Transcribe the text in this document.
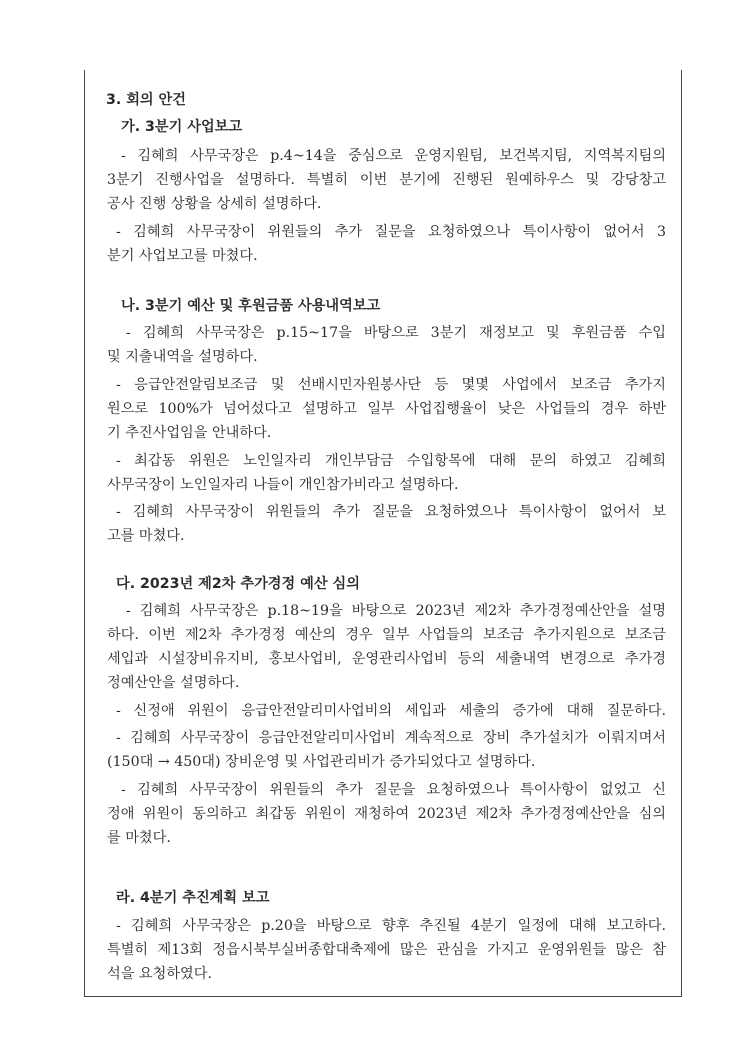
3. 회의 안건
가. 3분기 사업보고
- 김혜희 사무국장은 p.4~14을 중심으로 운영지원팀, 보건복지팀, 지역복지팀의
3분기 진행사업을 설명하다. 특별히 이번 분기에 진행된 원예하우스 및 강당창고
공사 진행 상황을 상세히 설명하다.
- 김혜희 사무국장이 위원들의 추가 질문을 요청하였으나 특이사항이 없어서 3
분기 사업보고를 마쳤다.
나. 3분기 예산 및 후원금품 사용내역보고
- 김혜희 사무국장은 p.15~17을 바탕으로 3분기 재정보고 및 후원금품 수입
및 지출내역을 설명하다.
- 응급안전알림보조금 및 선배시민자원봉사단 등 몇몇 사업에서 보조금 추가지
원으로 100%가 넘어섰다고 설명하고 일부 사업집행율이 낮은 사업들의 경우 하반
기 추진사업임을 안내하다.
- 최갑동 위원은 노인일자리 개인부담금 수입항목에 대해 문의 하였고 김혜희
사무국장이 노인일자리 나들이 개인참가비라고 설명하다.
- 김혜희 사무국장이 위원들의 추가 질문을 요청하였으나 특이사항이 없어서 보
고를 마쳤다.
다. 2023년 제2차 추가경정 예산 심의
- 김혜희 사무국장은 p.18~19을 바탕으로 2023년 제2차 추가경정예산안을 설명
하다. 이번 제2차 추가경정 예산의 경우 일부 사업들의 보조금 추가지원으로 보조금
세입과 시설장비유지비, 홍보사업비, 운영관리사업비 등의 세출내역 변경으로 추가경
정예산안을 설명하다.
- 신정애 위원이 응급안전알리미사업비의 세입과 세출의 증가에 대해 질문하다.
- 김혜희 사무국장이 응급안전알리미사업비 계속적으로 장비 추가설치가 이뤄지며서
(150대 → 450대) 장비운영 및 사업관리비가 증가되었다고 설명하다.
- 김혜희 사무국장이 위원들의 추가 질문을 요청하였으나 특이사항이 없었고 신
정애 위원이 동의하고 최갑동 위원이 재청하여 2023년 제2차 추가경정예산안을 심의
를 마쳤다.
라. 4분기 추진계획 보고
- 김혜희 사무국장은 p.20을 바탕으로 향후 추진될 4분기 일정에 대해 보고하다.
특별히 제13회 정읍시북부실버종합대축제에 많은 관심을 가지고 운영위원들 많은 참
석을 요청하였다.
